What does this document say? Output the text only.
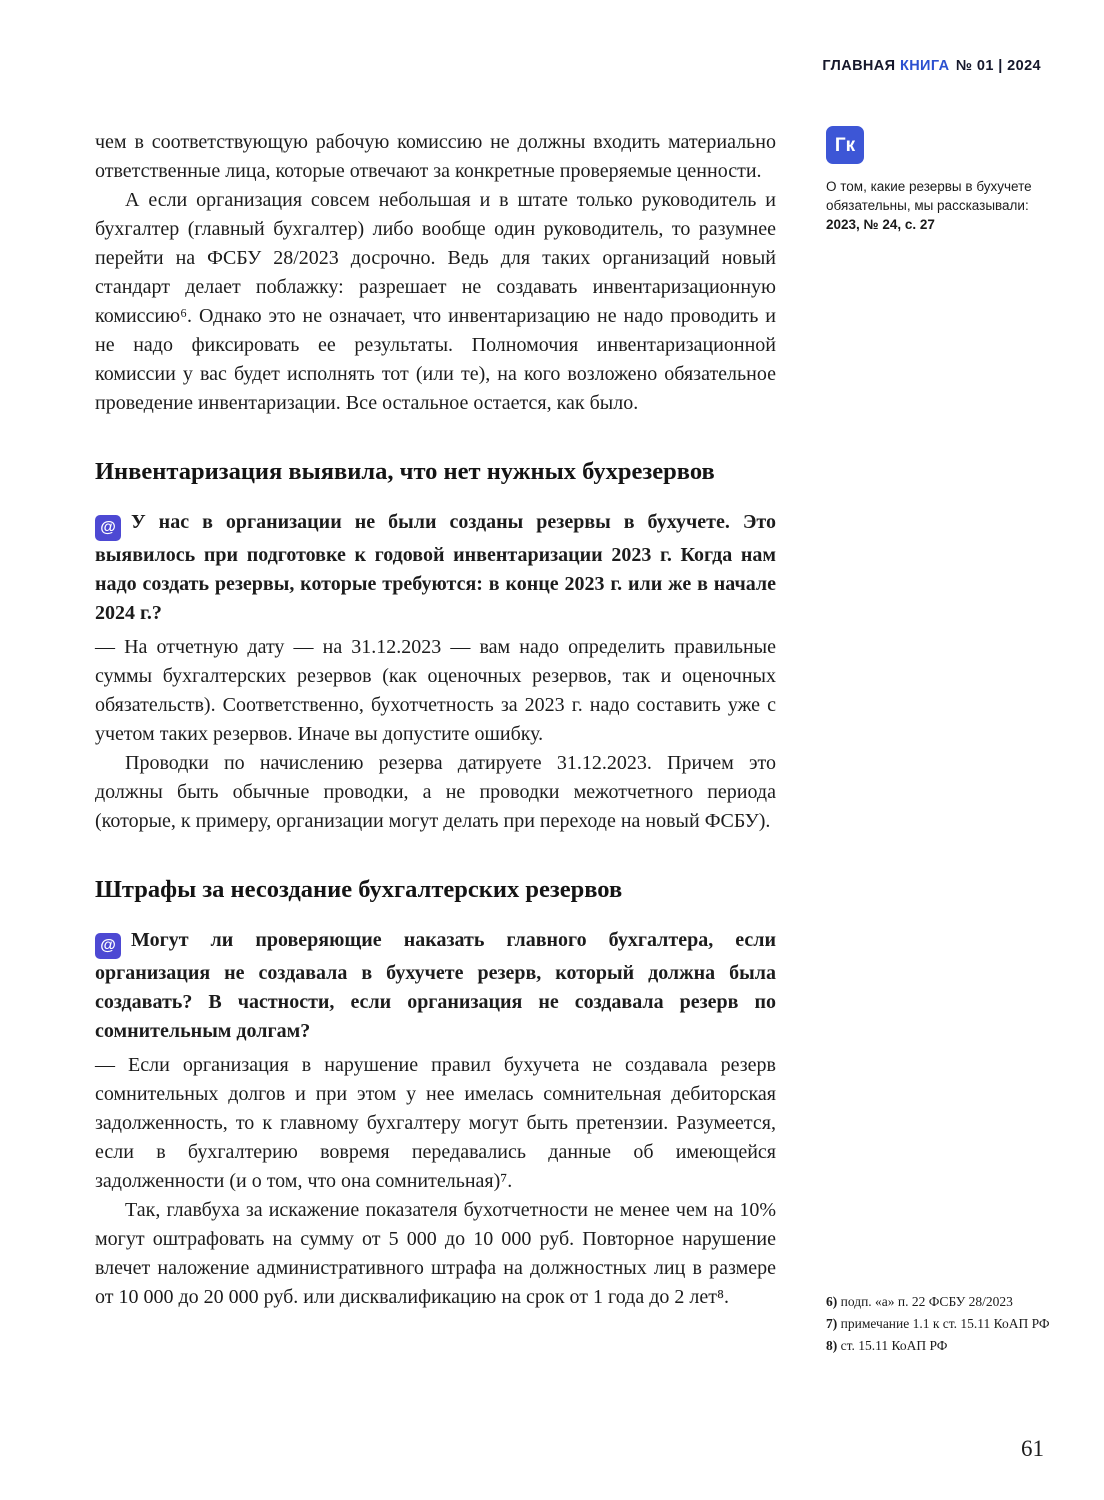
ГЛАВНАЯ КНИГА № 01 | 2024
Гк

О том, какие резервы в бухучете обязательны, мы рассказывали:
2023, № 24, с. 27

чем в соответствующую рабочую комиссию не должны входить материально ответственные лица, которые отвечают за конкретные проверяемые ценности.

А если организация совсем небольшая и в штате только руководитель и бухгалтер (главный бухгалтер) либо вообще один руководитель, то разумнее перейти на ФСБУ 28/2023 досрочно. Ведь для таких организаций новый стандарт делает поблажку: разрешает не создавать инвентаризационную комиссию⁶. Однако это не означает, что инвентаризацию не надо проводить и не надо фиксировать ее результаты. Полномочия инвентаризационной комиссии у вас будет исполнять тот (или те), на кого возложено обязательное проведение инвентаризации. Все остальное остается, как было.

Инвентаризация выявила, что нет нужных бухрезервов

@ У нас в организации не были созданы резервы в бухучете. Это выявилось при подготовке к годовой инвентаризации 2023 г. Когда нам надо создать резервы, которые требуются: в конце 2023 г. или же в начале 2024 г.?

— На отчетную дату — на 31.12.2023 — вам надо определить правильные суммы бухгалтерских резервов (как оценочных резервов, так и оценочных обязательств). Соответственно, бухотчетность за 2023 г. надо составить уже с учетом таких резервов. Иначе вы допустите ошибку.

Проводки по начислению резерва датируете 31.12.2023. Причем это должны быть обычные проводки, а не проводки межотчетного периода (которые, к примеру, организации могут делать при переходе на новый ФСБУ).

Штрафы за несоздание бухгалтерских резервов

@ Могут ли проверяющие наказать главного бухгалтера, если организация не создавала в бухучете резерв, который должна была создавать? В частности, если организация не создавала резерв по сомнительным долгам?

— Если организация в нарушение правил бухучета не создавала резерв сомнительных долгов и при этом у нее имелась сомнительная дебиторская задолженность, то к главному бухгалтеру могут быть претензии. Разумеется, если в бухгалтерию вовремя передавались данные об имеющейся задолженности (и о том, что она сомнительная)⁷.

Так, главбуха за искажение показателя бухотчетности не менее чем на 10% могут оштрафовать на сумму от 5 000 до 10 000 руб. Повторное нарушение влечет наложение административного штрафа на должностных лиц в размере от 10 000 до 20 000 руб. или дисквалификацию на срок от 1 года до 2 лет⁸.	6) подп. «а» п. 22 ФСБУ 28/2023

7) примечание 1.1 к ст. 15.11 КоАП РФ

8) ст. 15.11 КоАП РФ

61
